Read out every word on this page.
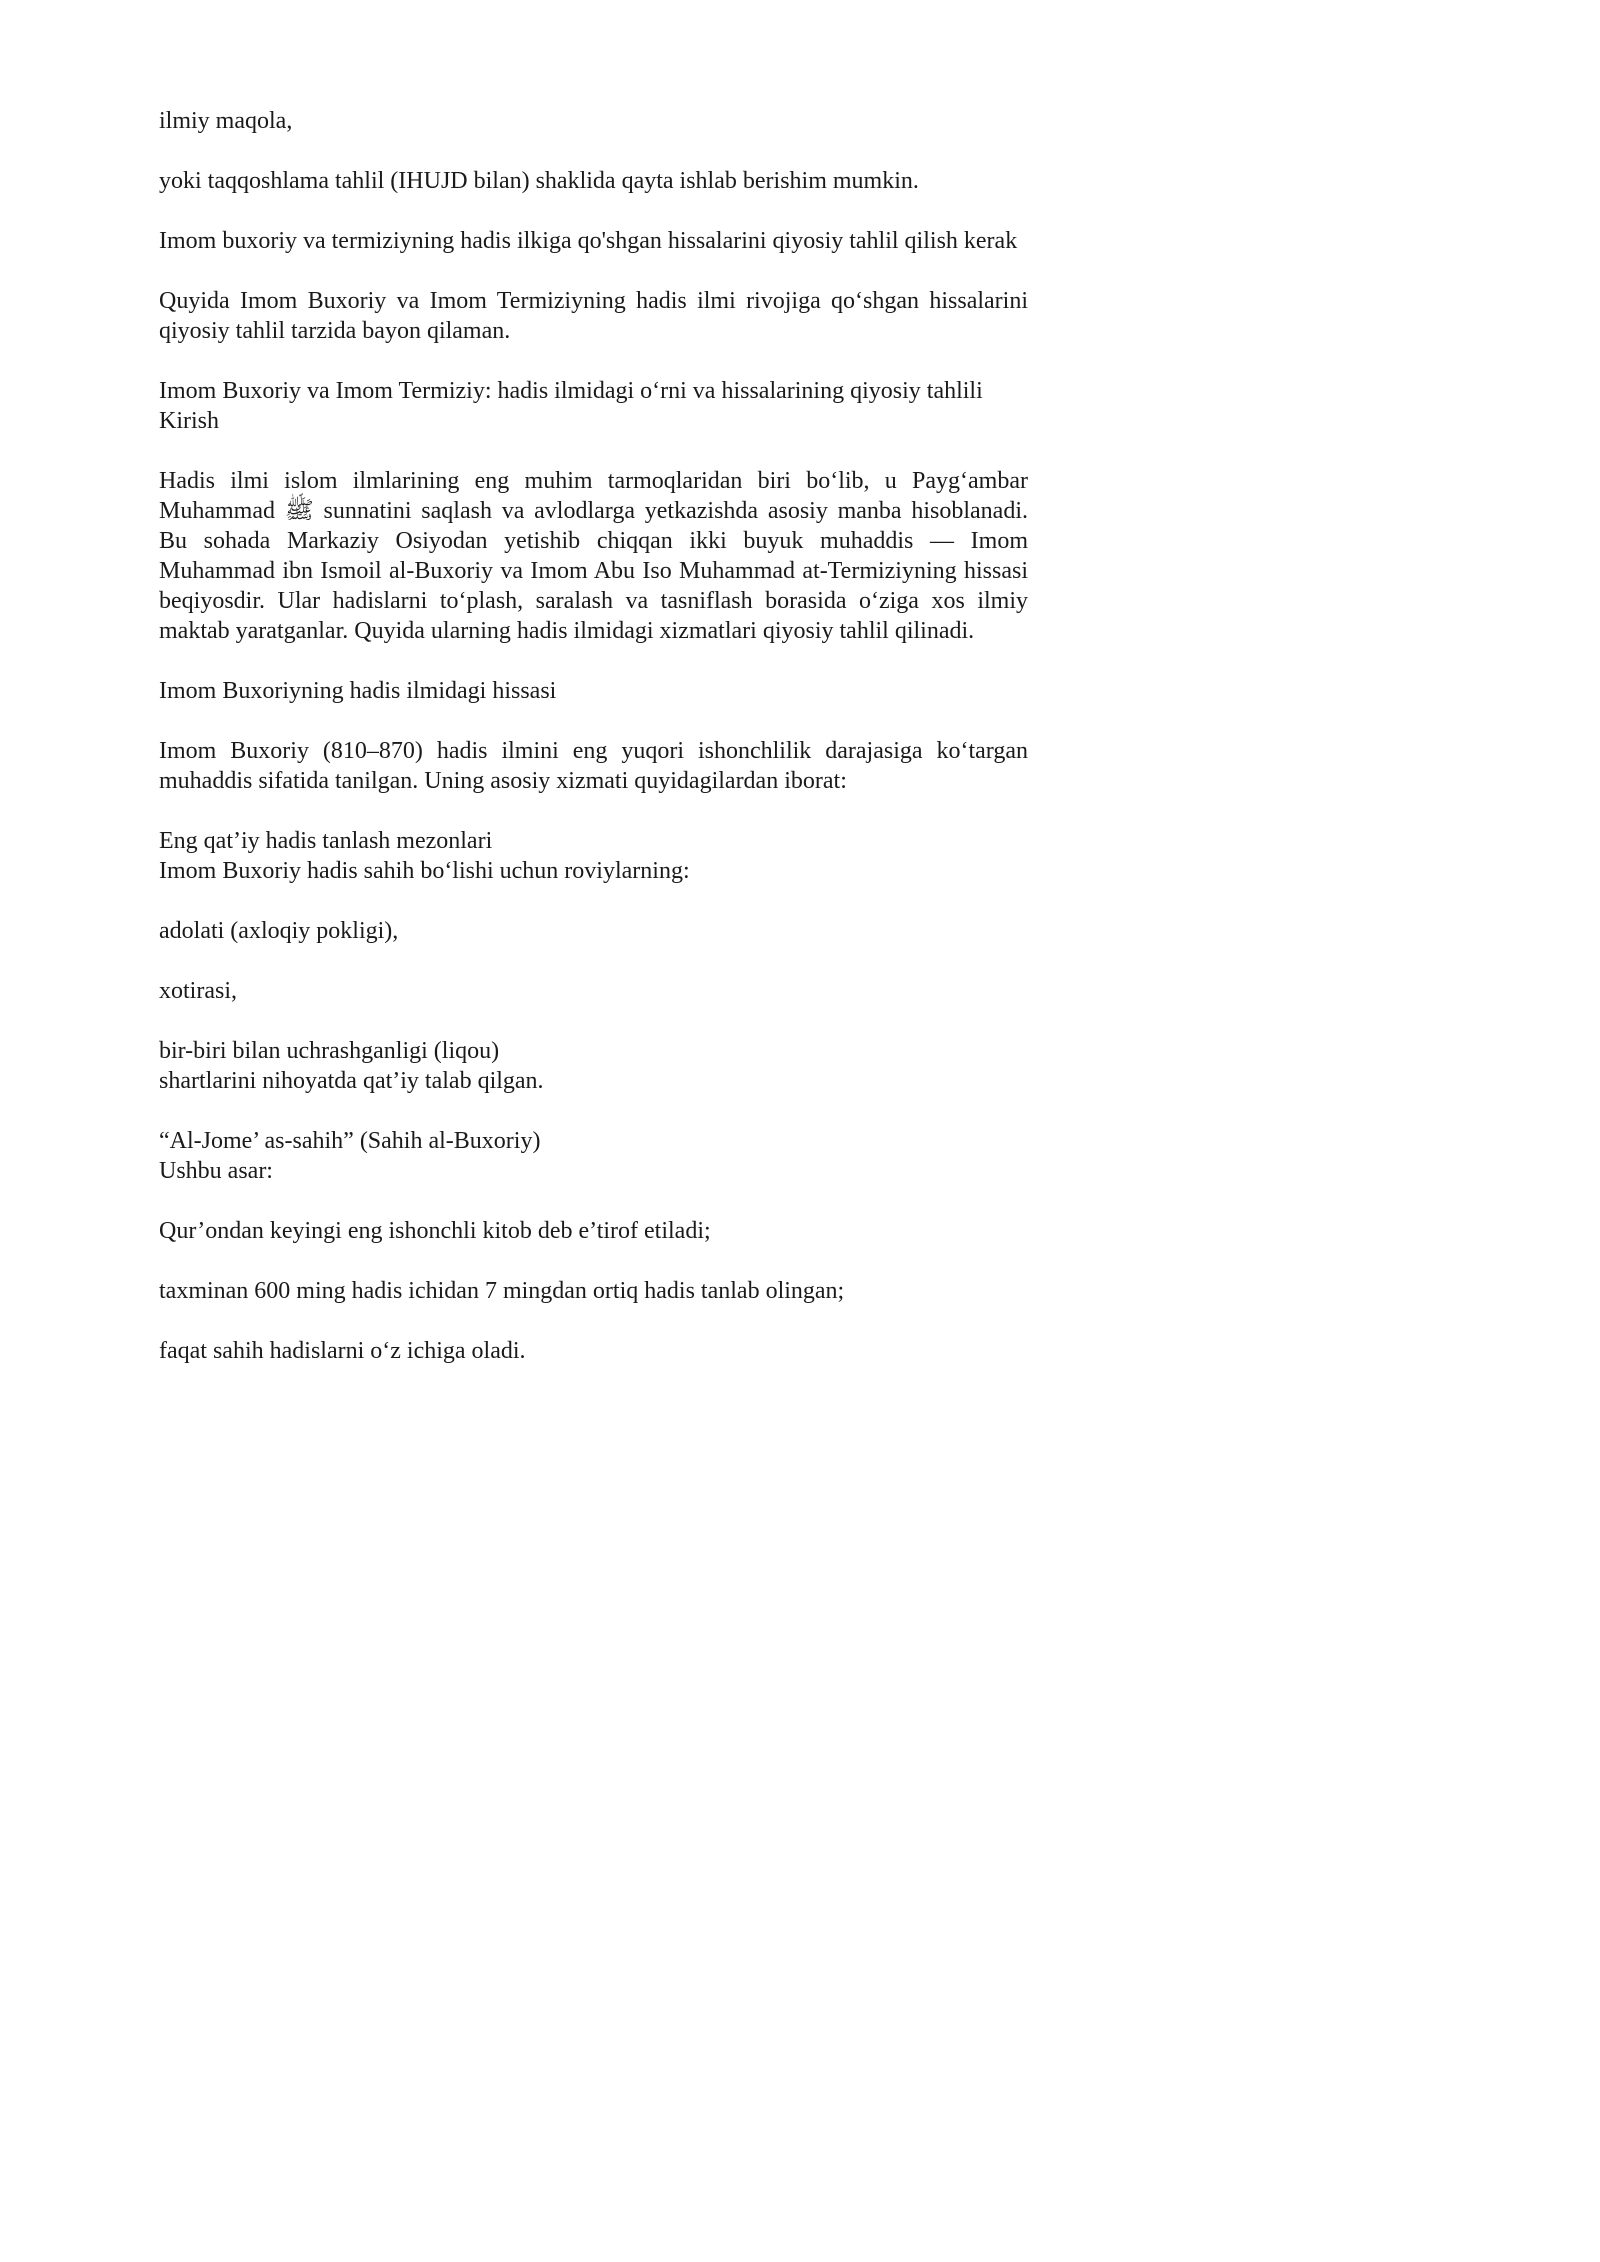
ilmiy maqola,

yoki taqqoshlama tahlil (IHUJD bilan) shaklida qayta ishlab berishim mumkin.

Imom buxoriy va termiziyning hadis ilkiga qo'shgan hissalarini qiyosiy tahlil qilish kerak

Quyida Imom Buxoriy va Imom Termiziyning hadis ilmi rivojiga qo‘shgan hissalarini qiyosiy tahlil tarzida bayon qilaman.

Imom Buxoriy va Imom Termiziy: hadis ilmidagi o‘rni va hissalarining qiyosiy tahlili

Kirish

Hadis ilmi islom ilmlarining eng muhim tarmoqlaridan biri bo‘lib, u Payg‘ambar Muhammad ﷺ sunnatini saqlash va avlodlarga yetkazishda asosiy manba hisoblanadi. Bu sohada Markaziy Osiyodan yetishib chiqqan ikki buyuk muhaddis — Imom Muhammad ibn Ismoil al-Buxoriy va Imom Abu Iso Muhammad at-Termiziyning hissasi beqiyosdir. Ular hadislarni to‘plash, saralash va tasniflash borasida o‘ziga xos ilmiy maktab yaratganlar. Quyida ularning hadis ilmidagi xizmatlari qiyosiy tahlil qilinadi.

Imom Buxoriyning hadis ilmidagi hissasi

Imom Buxoriy (810–870) hadis ilmini eng yuqori ishonchlilik darajasiga ko‘targan muhaddis sifatida tanilgan. Uning asosiy xizmati quyidagilardan iborat:

Eng qat’iy hadis tanlash mezonlari

Imom Buxoriy hadis sahih bo‘lishi uchun roviylarning:

adolati (axloqiy pokligi),

xotirasi,

bir-biri bilan uchrashganligi (liqou)

shartlarini nihoyatda qat’iy talab qilgan.

“Al-Jome’ as-sahih” (Sahih al-Buxoriy)

Ushbu asar:

Qur’ondan keyingi eng ishonchli kitob deb e’tirof etiladi;

taxminan 600 ming hadis ichidan 7 mingdan ortiq hadis tanlab olingan;

faqat sahih hadislarni o‘z ichiga oladi.
